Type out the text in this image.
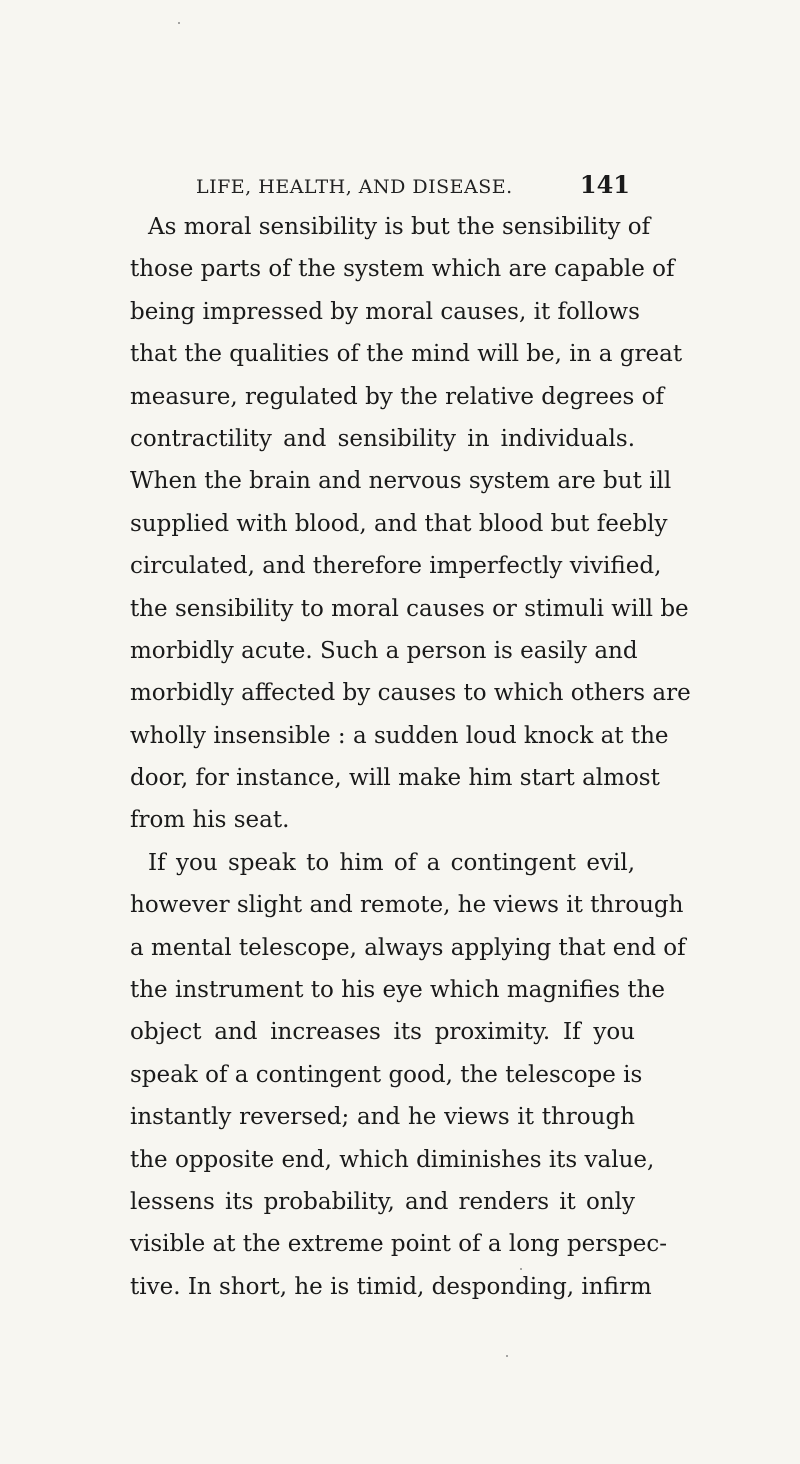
LIFE, HEALTH, AND DISEASE.	141
As moral sensibility is but the sensibility of
those parts of the system which are capable of
being impressed by moral causes, it follows
that the qualities of the mind will be, in a great
measure, regulated by the relative degrees of
contractility and sensibility in individuals.
When the brain and nervous system are but ill
supplied with blood, and that blood but feebly
circulated, and therefore imperfectly vivified,
the sensibility to moral causes or stimuli will be
morbidly acute. Such a person is easily and
morbidly affected by causes to which others are
wholly insensible : a sudden loud knock at the
door, for instance, will make him start almost
from his seat.
If you speak to him of a contingent evil,
however slight and remote, he views it through
a mental telescope, always applying that end of
the instrument to his eye which magnifies the
object and increases its proximity. If you
speak of a contingent good, the telescope is
instantly reversed; and he views it through
the opposite end, which diminishes its value,
lessens its probability, and renders it only
visible at the extreme point of a long perspec-
tive. In short, he is timid, desponding, infirm
